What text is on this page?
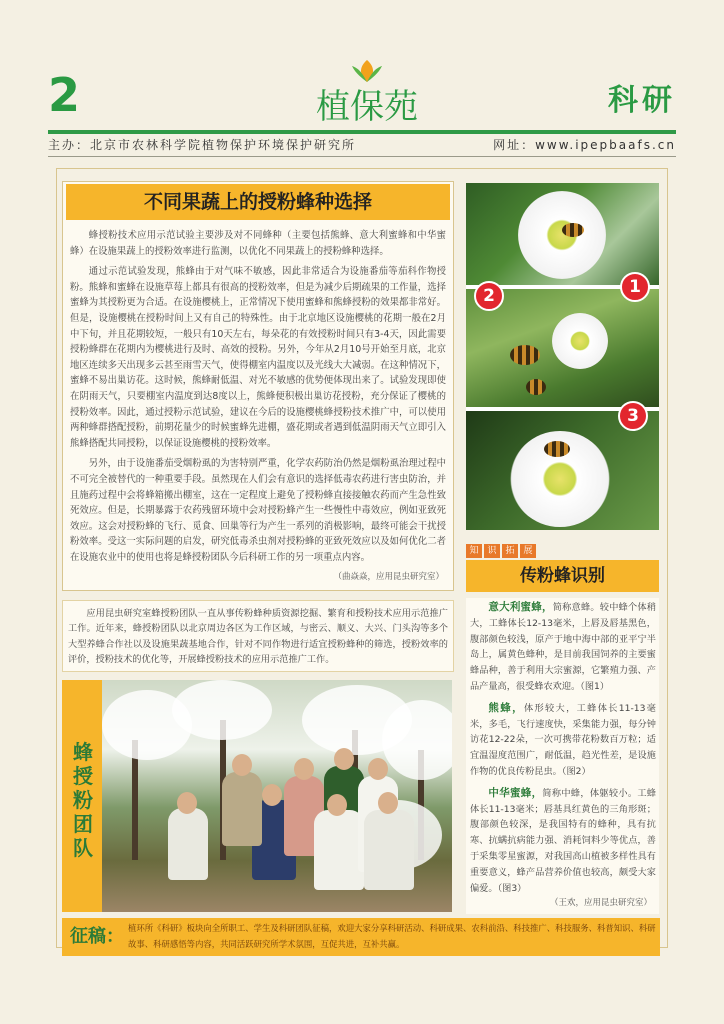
2	植保苑	科研
主办：北京市农林科学院植物保护环境保护研究所	网址：www.ipepbaafs.cn
不同果蔬上的授粉蜂种选择

蜂授粉技术应用示范试验主要涉及对不同蜂种（主要包括熊蜂、意大利蜜蜂和中华蜜蜂）在设施果蔬上的授粉效率进行监测，以优化不同果蔬上的授粉蜂种选择。

通过示范试验发现，熊蜂由于对气味不敏感，因此非常适合为设施番茄等茄科作物授粉。熊蜂和蜜蜂在设施草莓上都具有很高的授粉效率，但是为减少后期疏果的工作量，选择蜜蜂为其授粉更为合适。在设施樱桃上，正常情况下使用蜜蜂和熊蜂授粉的效果都非常好。但是，设施樱桃在授粉时间上又有自己的特殊性。由于北京地区设施樱桃的花期一般在2月中下旬，并且花期较短，一般只有10天左右，每朵花的有效授粉时间只有3-4天，因此需要授粉蜂群在花期内为樱桃进行及时、高效的授粉。另外，今年从2月10号开始至月底，北京地区连续多天出现多云甚至雨雪天气，使得棚室内温度以及光线大大减弱。在这种情况下，蜜蜂不易出巢访花。这时候，熊蜂耐低温、对光不敏感的优势便体现出来了。试验发现即使在阴雨天气，只要棚室内温度到达8度以上，熊蜂便积极出巢访花授粉，充分保证了樱桃的授粉效率。因此，通过授粉示范试验，建议在今后的设施樱桃蜂授粉技术推广中，可以使用两种蜂群搭配授粉，前期花量少的时候蜜蜂先进棚，盛花期或者遇到低温阴雨天气立即引入熊蜂搭配共同授粉，以保证设施樱桃的授粉效率。

另外，由于设施番茄受烟粉虱的为害特别严重，化学农药防治仍然是烟粉虱治理过程中不可完全被替代的一种重要手段。虽然现在人们会有意识的选择低毒农药进行害虫防治，并且施药过程中会将蜂箱搬出棚室，这在一定程度上避免了授粉蜂直接接触农药而产生急性致死效应。但是，长期暴露于农药残留环境中会对授粉蜂产生一些慢性中毒效应，例如亚致死效应。这会对授粉蜂的飞行、觅食、回巢等行为产生一系列的消极影响，最终可能会干扰授粉效率。受这一实际问题的启发，研究低毒杀虫剂对授粉蜂的亚致死效应以及如何优化二者在设施农业中的使用也将是蜂授粉团队今后科研工作的另一项重点内容。

（曲焱焱，应用昆虫研究室）
1
2
3
知 识 拓 展
传粉蜂识别

意大利蜜蜂，简称意蜂。较中蜂个体稍大，工蜂体长12-13毫米，上唇及唇基黑色，腹部颜色较浅，原产于地中海中部的亚平宁半岛上，属黄色蜂种，是目前我国饲养的主要蜜蜂品种，善于利用大宗蜜源，它繁殖力强、产品产量高，很受蜂农欢迎。（图1）

熊蜂，体形较大，工蜂体长11-13毫米，多毛，飞行速度快，采集能力强，每分钟访花12-22朵，一次可携带花粉数百万粒；适宜温湿度范围广，耐低温，趋光性差，是设施作物的优良传粉昆虫。（图2）

中华蜜蜂，简称中蜂，体躯较小。工蜂体长11-13毫米；唇基具红黄色的三角形斑；腹部颜色较深，是我国特有的蜂种，具有抗寒、抗螨抗病能力强、消耗饲料少等优点，善于采集零星蜜源，对我国高山植被多样性具有重要意义，蜂产品营养价值也较高，颇受大家偏爱。（图3）

（王欢，应用昆虫研究室）

应用昆虫研究室蜂授粉团队一直从事传粉蜂种质资源挖掘、繁育和授粉技术应用示范推广工作。近年来，蜂授粉团队以北京周边各区为工作区域，与密云、顺义、大兴、门头沟等多个大型养蜂合作社以及设施果蔬基地合作，针对不同作物进行适宜授粉蜂种的筛选，授粉效率的评价，授粉技术的优化等，开展蜂授粉技术的应用示范推广工作。

蜂授粉团队
征稿： 植环所《科研》板块向全所职工、学生及科研团队征稿，欢迎大家分享科研活动、科研成果、农科前沿、科技推广、科技服务、科普知识、科研故事、科研感悟等内容，共同活跃研究所学术氛围，互促共进，互补共赢。
